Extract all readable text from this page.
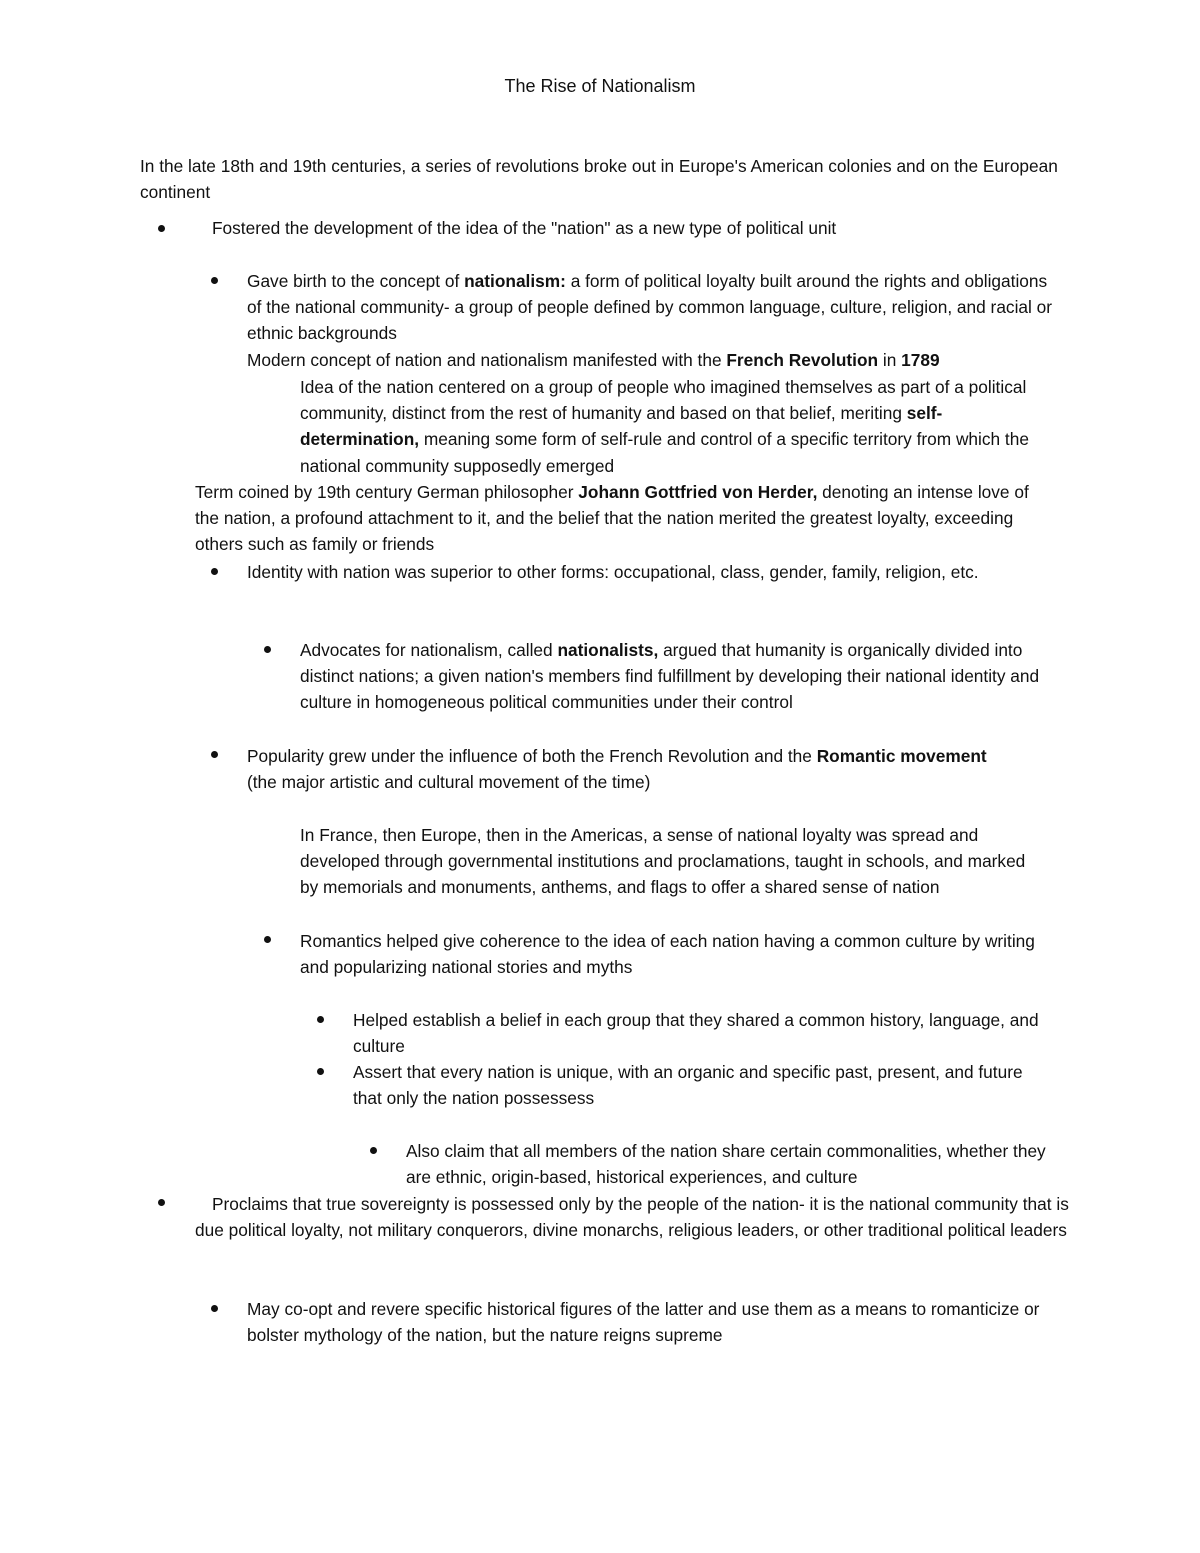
The Rise of Nationalism
In the late 18th and 19th centuries, a series of revolutions broke out in Europe's American colonies and on the European continent
Fostered the development of the idea of the "nation" as a new type of political unit
Gave birth to the concept of nationalism: a form of political loyalty built around the rights and obligations of the national community- a group of people defined by common language, culture, religion, and racial or ethnic backgrounds
Modern concept of nation and nationalism manifested with the French Revolution in 1789
Idea of the nation centered on a group of people who imagined themselves as part of a political community, distinct from the rest of humanity and based on that belief, meriting self-determination, meaning some form of self-rule and control of a specific territory from which the national community supposedly emerged
Term coined by 19th century German philosopher Johann Gottfried von Herder, denoting an intense love of the nation, a profound attachment to it, and the belief that the nation merited the greatest loyalty, exceeding others such as family or friends
Identity with nation was superior to other forms: occupational, class, gender, family, religion, etc.
Advocates for nationalism, called nationalists, argued that humanity is organically divided into distinct nations; a given nation's members find fulfillment by developing their national identity and culture in homogeneous political communities under their control
Popularity grew under the influence of both the French Revolution and the Romantic movement (the major artistic and cultural movement of the time)
In France, then Europe, then in the Americas, a sense of national loyalty was spread and developed through governmental institutions and proclamations, taught in schools, and marked by memorials and monuments, anthems, and flags to offer a shared sense of nation
Romantics helped give coherence to the idea of each nation having a common culture by writing and popularizing national stories and myths
Helped establish a belief in each group that they shared a common history, language, and culture
Assert that every nation is unique, with an organic and specific past, present, and future that only the nation possessess
Also claim that all members of the nation share certain commonalities, whether they are ethnic, origin-based, historical experiences, and culture
Proclaims that true sovereignty is possessed only by the people of the nation- it is the national community that is due political loyalty, not military conquerors, divine monarchs, religious leaders, or other traditional political leaders
May co-opt and revere specific historical figures of the latter and use them as a means to romanticize or bolster mythology of the nation, but the nature reigns supreme
